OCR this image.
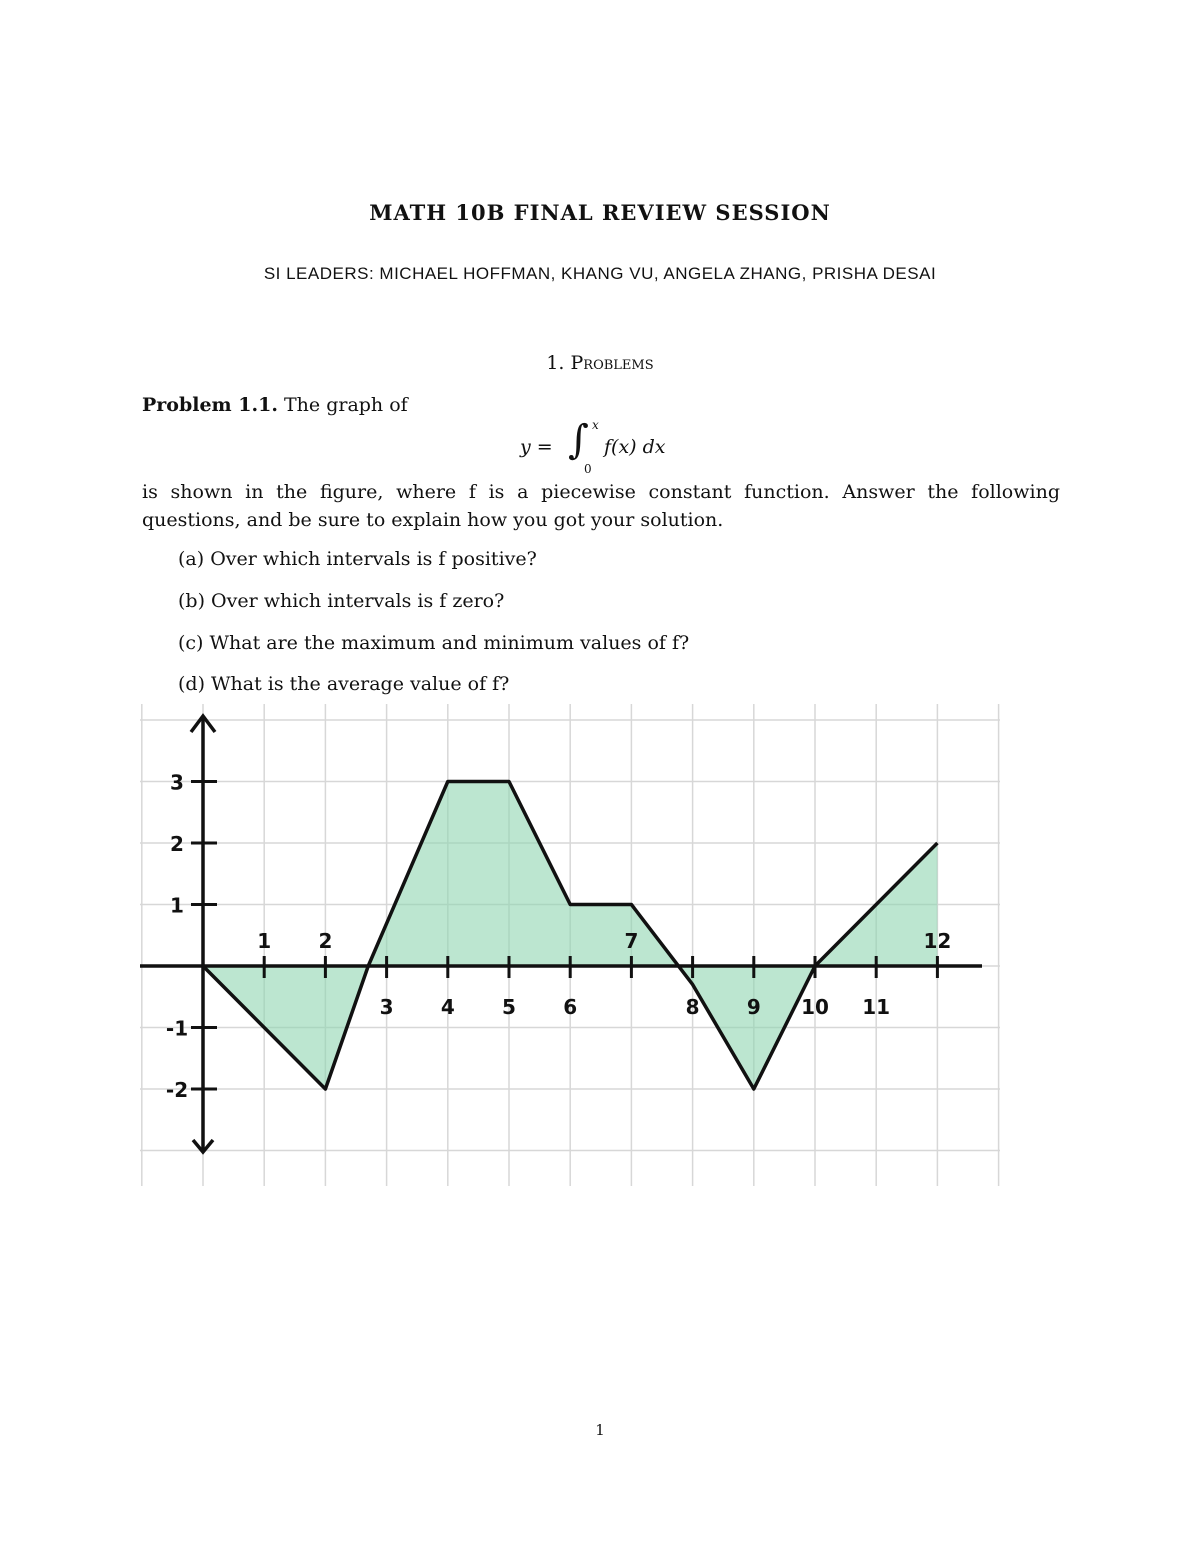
MATH 10B FINAL REVIEW SESSION
SI LEADERS: MICHAEL HOFFMAN, KHANG VU, ANGELA ZHANG, PRISHA DESAI
1. Problems
Problem 1.1. The graph of
y = ∫ x
0
f(x) dx
is shown in the figure, where f is a piecewise constant function. Answer the following questions, and be sure to explain how you got your solution.
(a) Over which intervals is f positive?
(b) Over which intervals is f zero?
(c) What are the maximum and minimum values of f?
(d) What is the average value of f?
1 2	7	12
3 4 5 6	8 9 10 11
3
2
1
-1
-2
1
